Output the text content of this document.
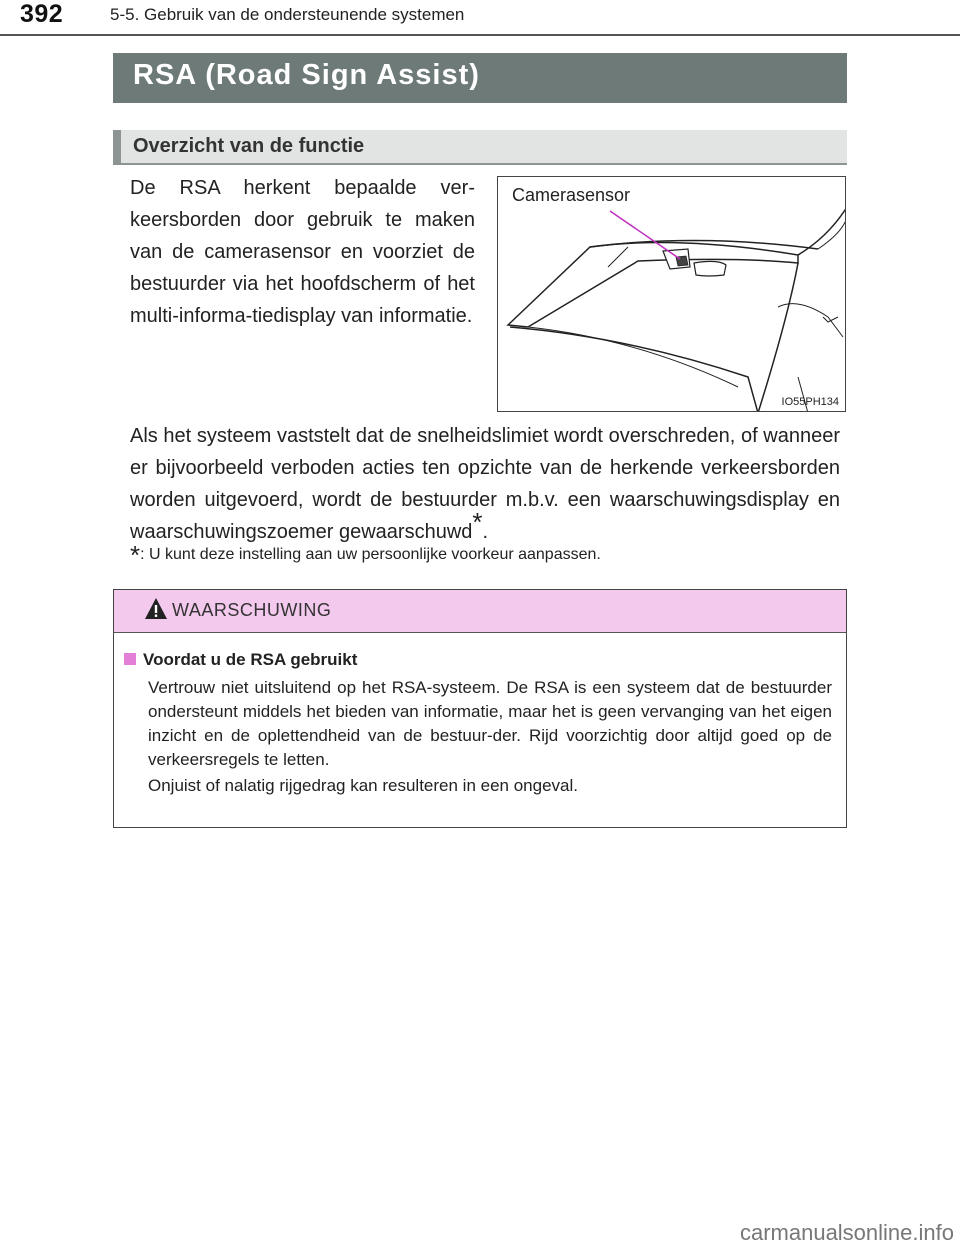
392	5-5. Gebruik van de ondersteunende systemen
RSA (Road Sign Assist)
Overzicht van de functie
De RSA herkent bepaalde ver-keersborden door gebruik te maken van de camerasensor en voorziet de bestuurder via het hoofdscherm of het multi-informa-tiedisplay van informatie.
Camerasensor
IO55PH134
Als het systeem vaststelt dat de snelheidslimiet wordt overschreden, of wanneer er bijvoorbeeld verboden acties ten opzichte van de herkende verkeersborden worden uitgevoerd, wordt de bestuurder m.b.v. een waarschuwingsdisplay en waarschuwingszoemer gewaarschuwd*.
*: U kunt deze instelling aan uw persoonlijke voorkeur aanpassen.
WAARSCHUWING
Voordat u de RSA gebruikt
Vertrouw niet uitsluitend op het RSA-systeem. De RSA is een systeem dat de bestuurder ondersteunt middels het bieden van informatie, maar het is geen vervanging van het eigen inzicht en de oplettendheid van de bestuur-der. Rijd voorzichtig door altijd goed op de verkeersregels te letten.
Onjuist of nalatig rijgedrag kan resulteren in een ongeval.
carmanualsonline.info
